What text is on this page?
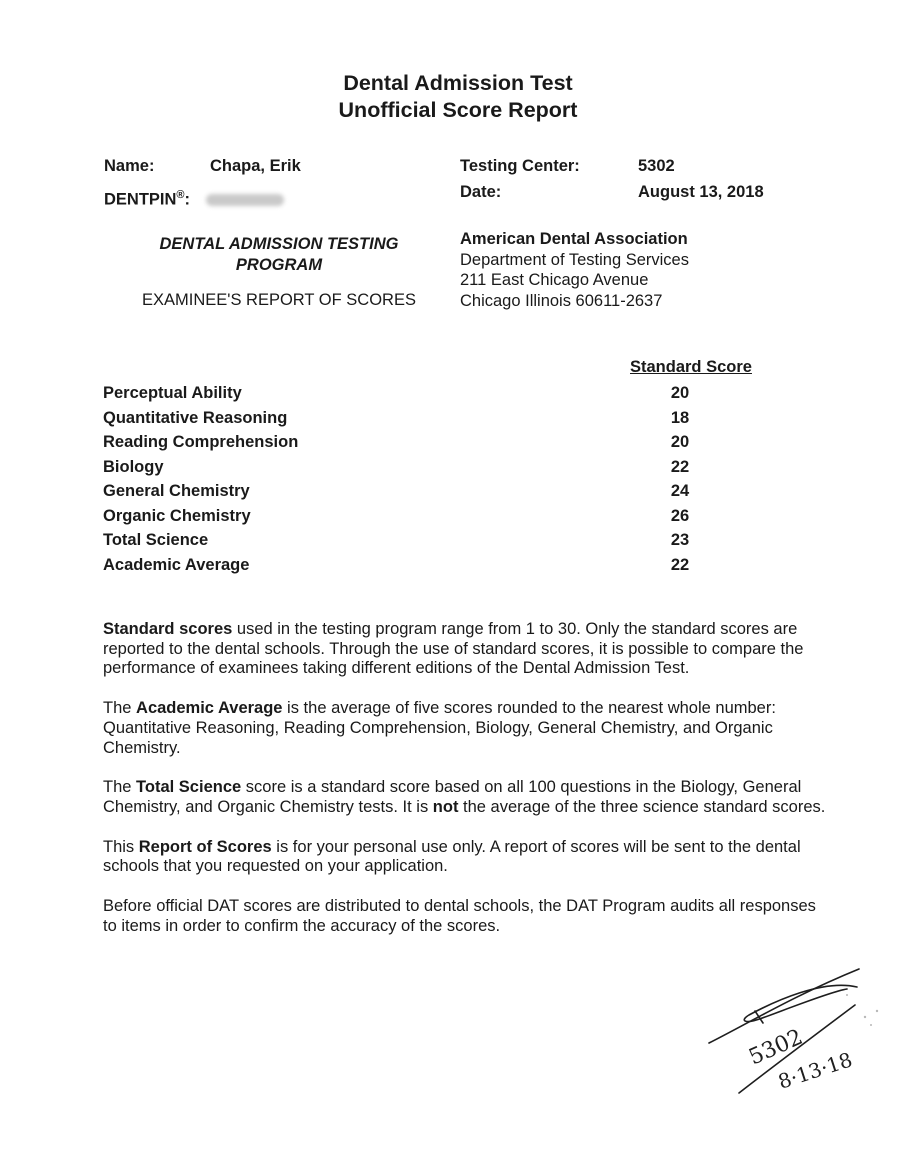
Dental Admission Test
Unofficial Score Report
Name:	Chapa, Erik
DENTPIN®:
Testing Center:	5302
Date:	August 13, 2018
DENTAL ADMISSION TESTING
PROGRAM
EXAMINEE'S REPORT OF SCORES
American Dental Association
Department of Testing Services
211 East Chicago Avenue
Chicago Illinois 60611-2637
Standard Score
Perceptual Ability	20
Quantitative Reasoning	18
Reading Comprehension	20
Biology	22
General Chemistry	24
Organic Chemistry	26
Total Science	23
Academic Average	22

Standard scores used in the testing program range from 1 to 30. Only the standard scores are reported to the dental schools. Through the use of standard scores, it is possible to compare the performance of examinees taking different editions of the Dental Admission Test.

The Academic Average is the average of five scores rounded to the nearest whole number: Quantitative Reasoning, Reading Comprehension, Biology, General Chemistry, and Organic Chemistry.

The Total Science score is a standard score based on all 100 questions in the Biology, General Chemistry, and Organic Chemistry tests. It is not the average of the three science standard scores.

This Report of Scores is for your personal use only. A report of scores will be sent to the dental schools that you requested on your application.

Before official DAT scores are distributed to dental schools, the DAT Program audits all responses to items in order to confirm the accuracy of the scores.

5302
8·13·18
